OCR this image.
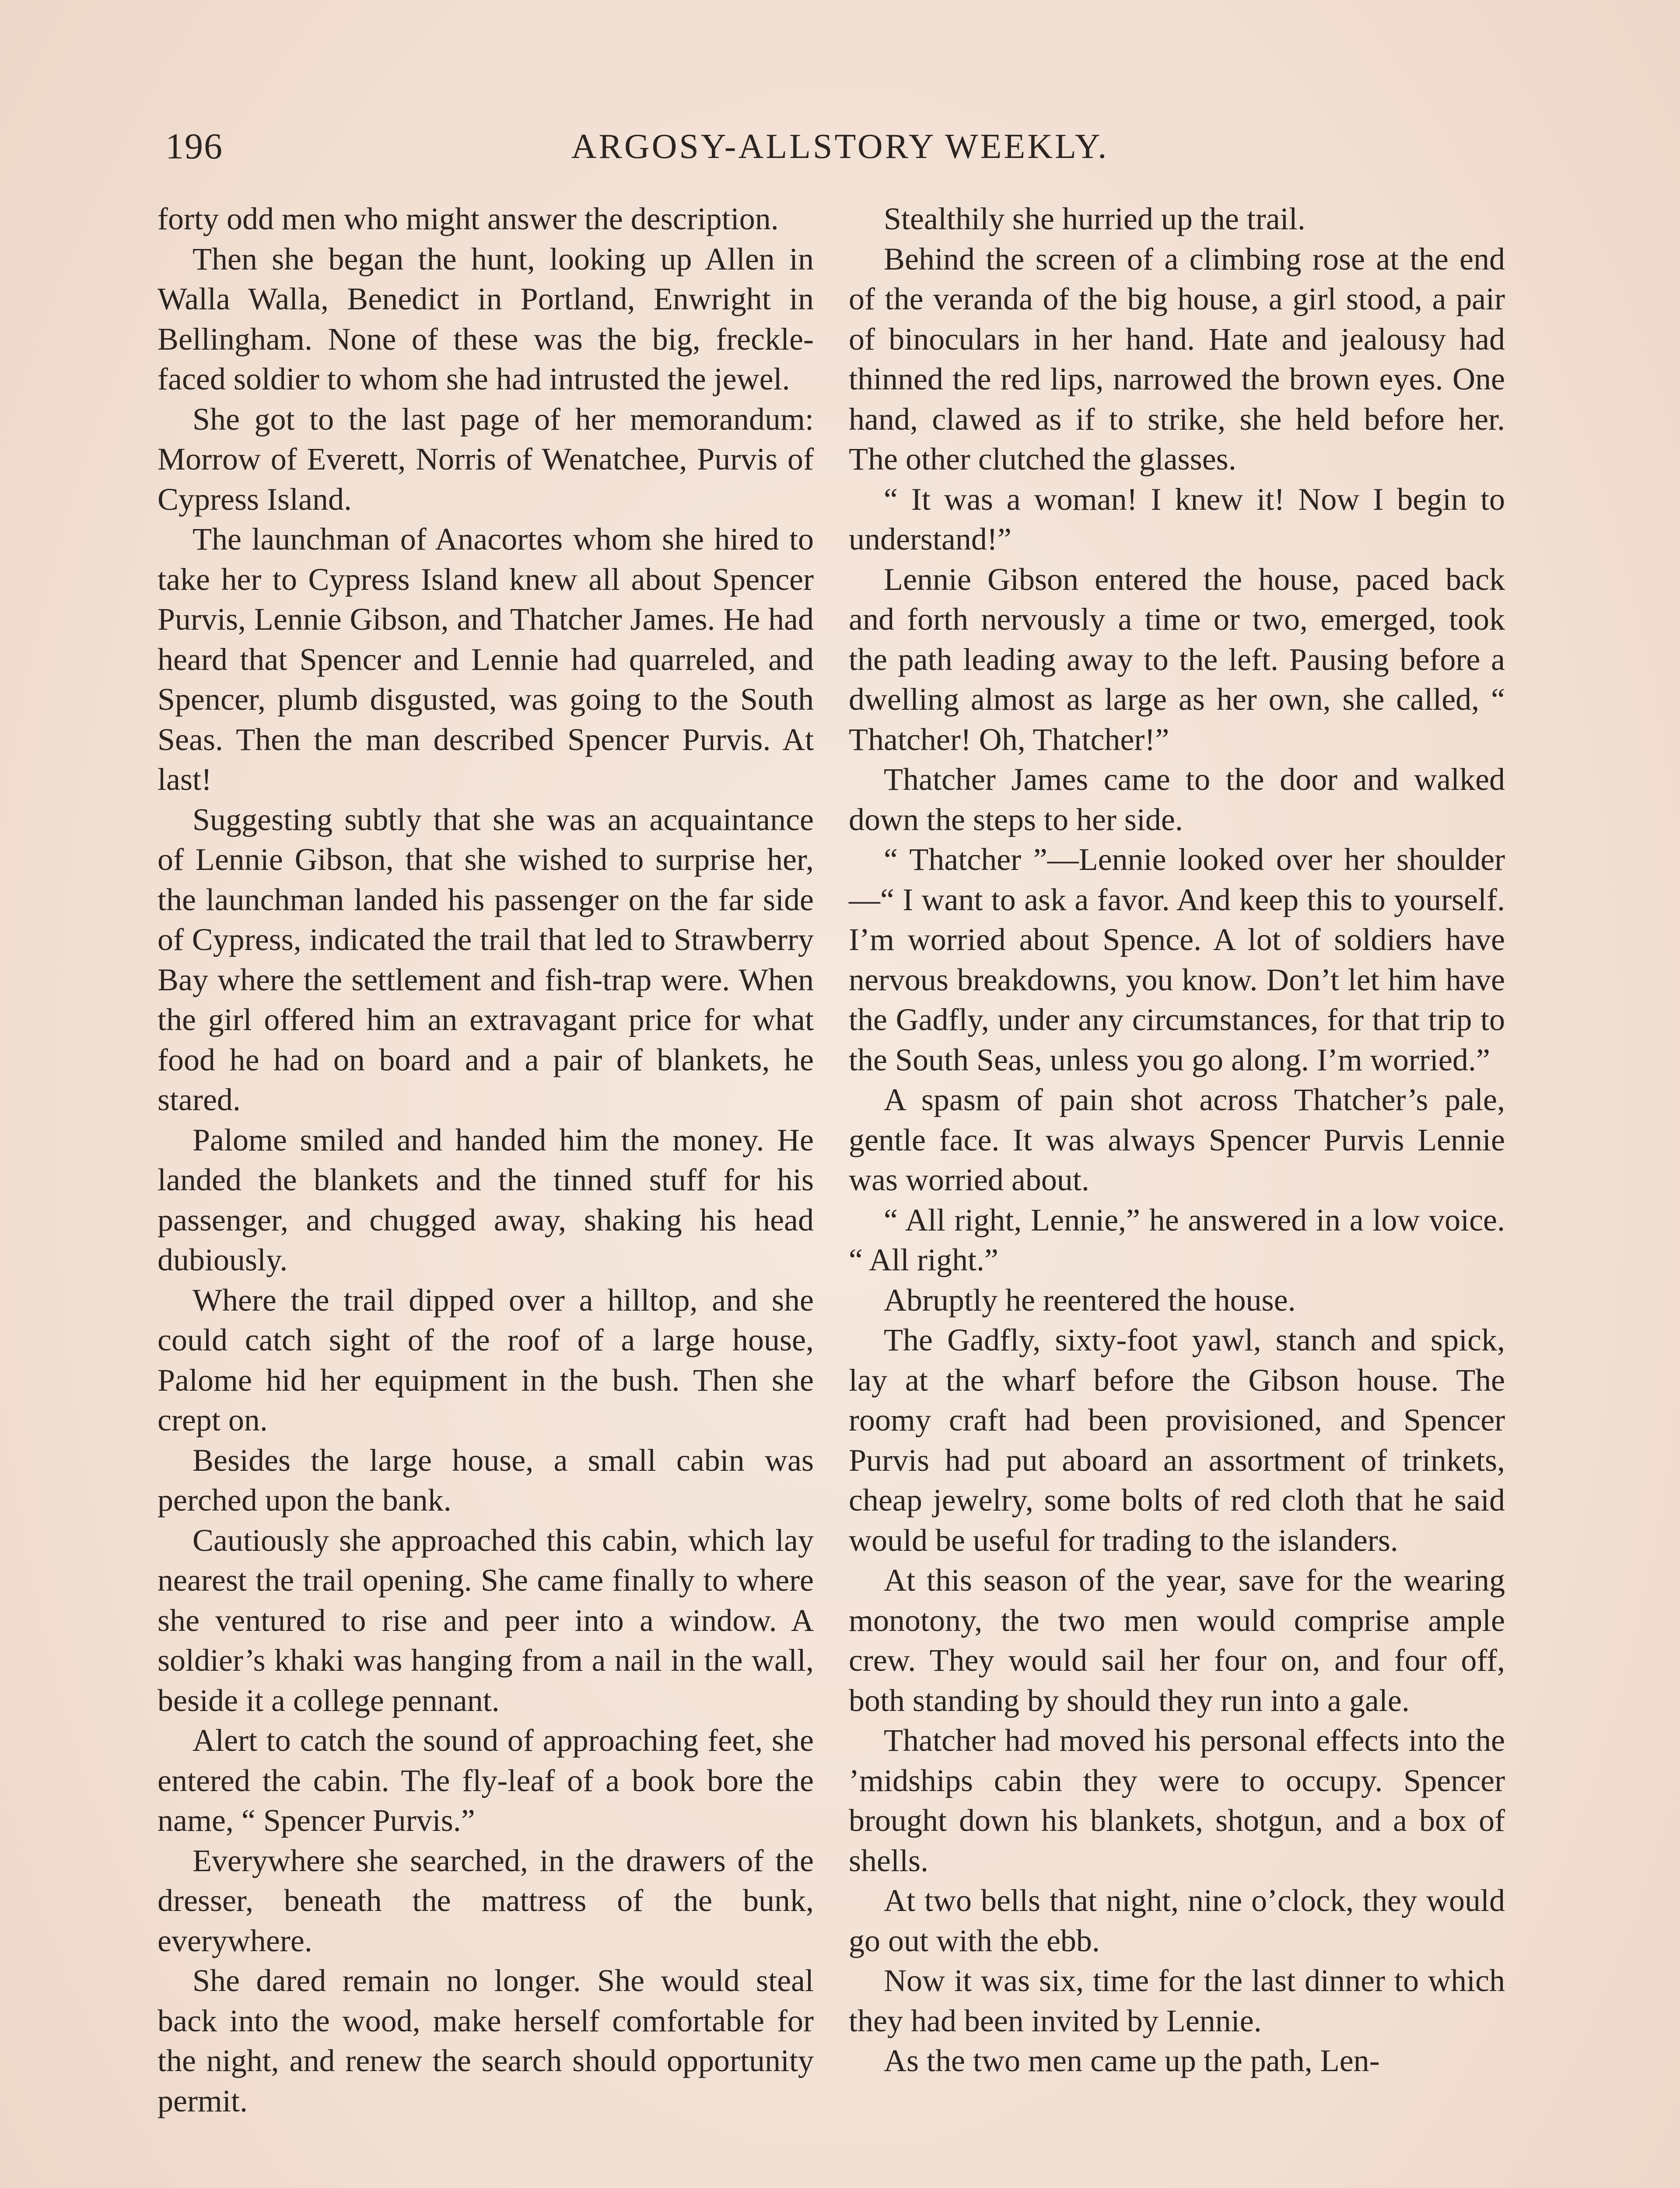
196	ARGOSY-ALLSTORY WEEKLY.

forty odd men who might answer the description.

Then she began the hunt, looking up Allen in Walla Walla, Benedict in Portland, Enwright in Bellingham. None of these was the big, freckle-faced soldier to whom she had intrusted the jewel.

She got to the last page of her memorandum: Morrow of Everett, Norris of Wenatchee, Purvis of Cypress Island.

The launchman of Anacortes whom she hired to take her to Cypress Island knew all about Spencer Purvis, Lennie Gibson, and Thatcher James. He had heard that Spencer and Lennie had quarreled, and Spencer, plumb disgusted, was going to the South Seas. Then the man described Spencer Purvis. At last!

Suggesting subtly that she was an acquaintance of Lennie Gibson, that she wished to surprise her, the launchman landed his passenger on the far side of Cypress, indicated the trail that led to Strawberry Bay where the settlement and fish-trap were. When the girl offered him an extravagant price for what food he had on board and a pair of blankets, he stared.

Palome smiled and handed him the money. He landed the blankets and the tinned stuff for his passenger, and chugged away, shaking his head dubiously.

Where the trail dipped over a hilltop, and she could catch sight of the roof of a large house, Palome hid her equipment in the bush. Then she crept on.

Besides the large house, a small cabin was perched upon the bank.

Cautiously she approached this cabin, which lay nearest the trail opening. She came finally to where she ventured to rise and peer into a window. A soldier’s khaki was hanging from a nail in the wall, beside it a college pennant.

Alert to catch the sound of approaching feet, she entered the cabin. The fly-leaf of a book bore the name, “ Spencer Purvis.”

Everywhere she searched, in the drawers of the dresser, beneath the mattress of the bunk, everywhere.

She dared remain no longer. She would steal back into the wood, make herself comfortable for the night, and renew the search should opportunity permit.

Stealthily she hurried up the trail.

Behind the screen of a climbing rose at the end of the veranda of the big house, a girl stood, a pair of binoculars in her hand. Hate and jealousy had thinned the red lips, narrowed the brown eyes. One hand, clawed as if to strike, she held before her. The other clutched the glasses.

“ It was a woman! I knew it! Now I begin to understand!”

Lennie Gibson entered the house, paced back and forth nervously a time or two, emerged, took the path leading away to the left. Pausing before a dwelling almost as large as her own, she called, “ Thatcher! Oh, Thatcher!”

Thatcher James came to the door and walked down the steps to her side.

“ Thatcher ”—Lennie looked over her shoulder—“ I want to ask a favor. And keep this to yourself. I’m worried about Spence. A lot of soldiers have nervous breakdowns, you know. Don’t let him have the Gadfly, under any circumstances, for that trip to the South Seas, unless you go along. I’m worried.”

A spasm of pain shot across Thatcher’s pale, gentle face. It was always Spencer Purvis Lennie was worried about.

“ All right, Lennie,” he answered in a low voice. “ All right.”

Abruptly he reentered the house.

The Gadfly, sixty-foot yawl, stanch and spick, lay at the wharf before the Gibson house. The roomy craft had been provisioned, and Spencer Purvis had put aboard an assortment of trinkets, cheap jewelry, some bolts of red cloth that he said would be useful for trading to the islanders.

At this season of the year, save for the wearing monotony, the two men would comprise ample crew. They would sail her four on, and four off, both standing by should they run into a gale.

Thatcher had moved his personal effects into the ’midships cabin they were to occupy. Spencer brought down his blankets, shotgun, and a box of shells.

At two bells that night, nine o’clock, they would go out with the ebb.

Now it was six, time for the last dinner to which they had been invited by Lennie.

As the two men came up the path, Len-
